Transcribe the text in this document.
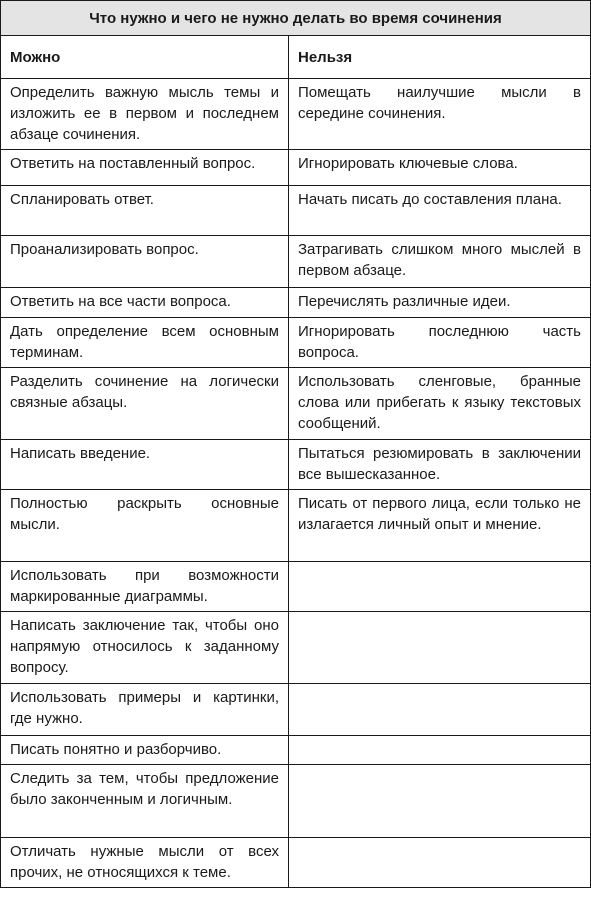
Что нужно и чего не нужно делать во время сочинения	
Можно	Нельзя
Определить важную мысль темы и изложить ее в первом и последнем абзаце сочинения.	Помещать наилучшие мысли в середине сочинения.
Ответить на поставленный вопрос.	Игнорировать ключевые слова.
Спланировать ответ.	Начать писать до составления плана.
Проанализировать вопрос.	Затрагивать слишком много мыслей в первом абзаце.
Ответить на все части вопроса.	Перечислять различные идеи.
Дать определение всем основным терминам.	Игнорировать последнюю часть вопроса.
Разделить сочинение на логически связные абзацы.	Использовать сленговые, бранные слова или прибегать к языку текстовых сообщений.
Написать введение.	Пытаться резюмировать в заключении все вышесказанное.
Полностью раскрыть основные мысли.	Писать от первого лица, если только не излагается личный опыт и мнение.
Использовать при возможности маркированные диаграммы.	
Написать заключение так, чтобы оно напрямую относилось к заданному вопросу.	
Использовать примеры и картинки, где нужно.	
Писать понятно и разборчиво.	
Следить за тем, чтобы предложение было законченным и логичным.	
Отличать нужные мысли от всех прочих, не относящихся к теме.	
